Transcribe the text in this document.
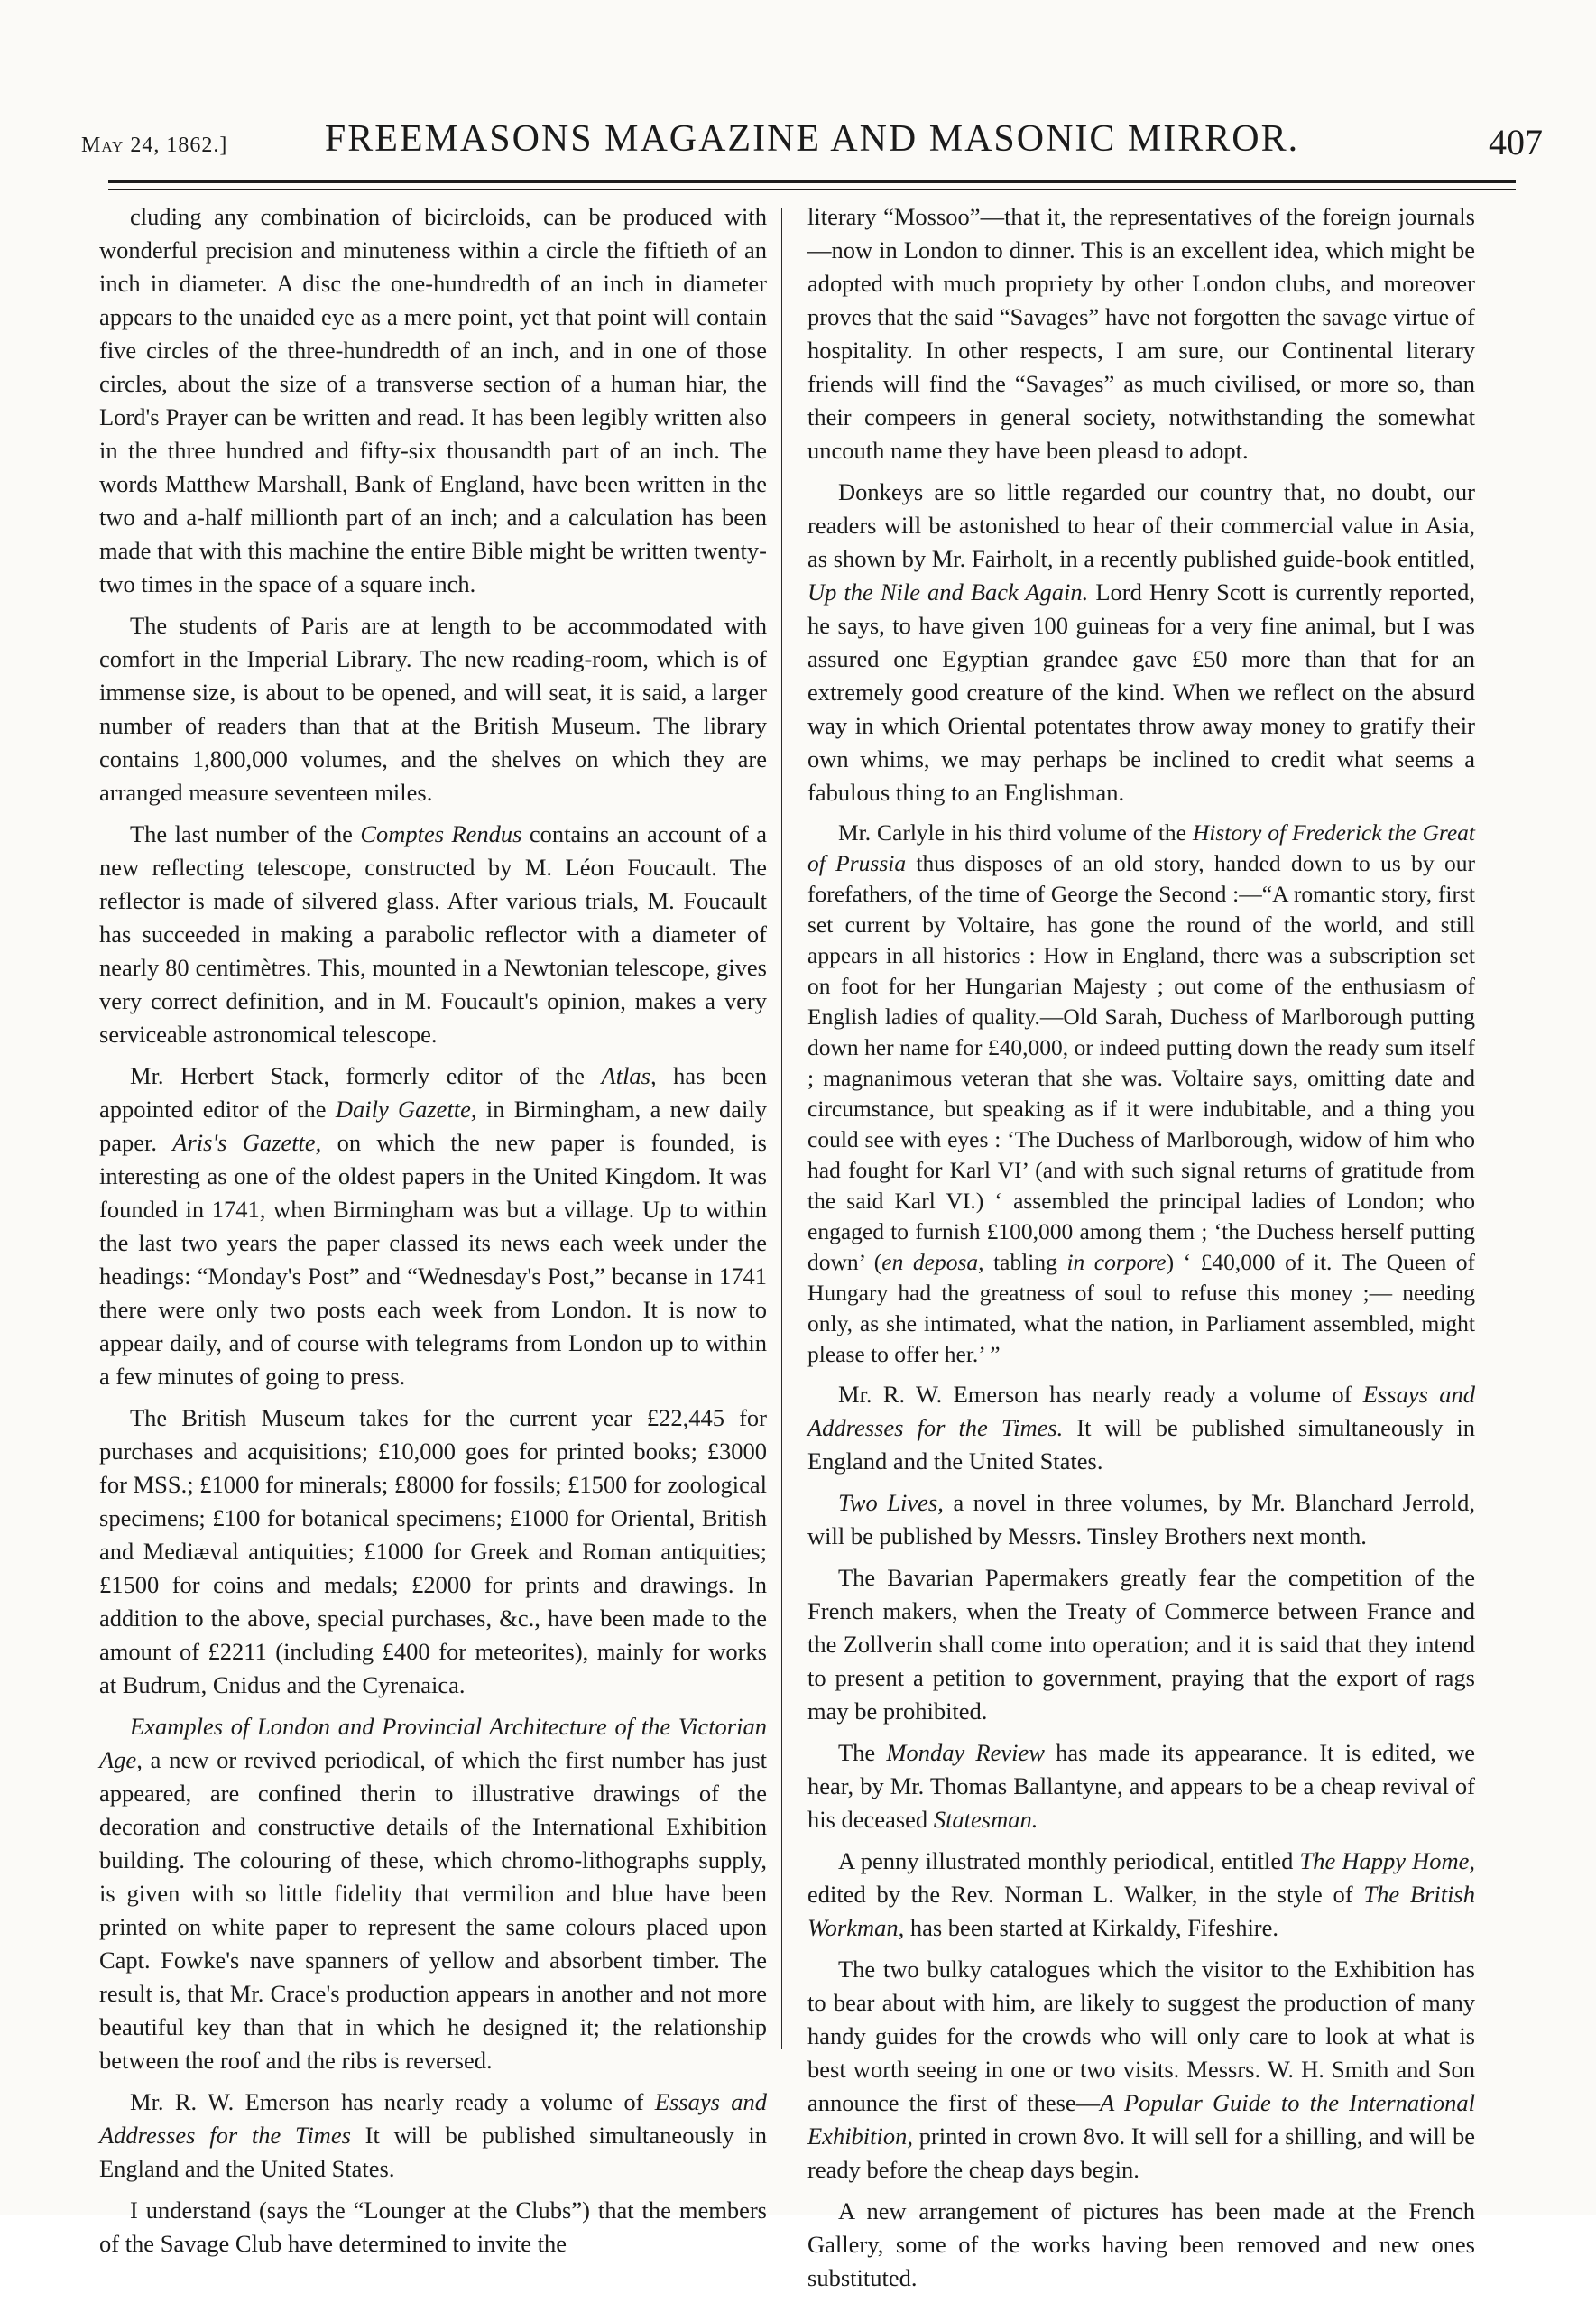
May 24, 1862.]	FREEMASONS MAGAZINE AND MASONIC MIRROR.	407

cluding any combination of bicircloids, can be produced with wonderful precision and minuteness within a circle the fiftieth of an inch in diameter. A disc the one-hundredth of an inch in diameter appears to the unaided eye as a mere point, yet that point will contain five circles of the three-hundredth of an inch, and in one of those circles, about the size of a transverse section of a human hiar, the Lord's Prayer can be written and read. It has been legibly written also in the three hundred and fifty-six thousandth part of an inch. The words Matthew Marshall, Bank of England, have been written in the two and a-half millionth part of an inch; and a calculation has been made that with this machine the entire Bible might be written twenty-two times in the space of a square inch.

The students of Paris are at length to be accommodated with comfort in the Imperial Library. The new reading-room, which is of immense size, is about to be opened, and will seat, it is said, a larger number of readers than that at the British Museum. The library contains 1,800,000 volumes, and the shelves on which they are arranged measure seventeen miles.

The last number of the Comptes Rendus contains an account of a new reflecting telescope, constructed by M. Léon Foucault. The reflector is made of silvered glass. After various trials, M. Foucault has succeeded in making a parabolic reflector with a diameter of nearly 80 centimètres. This, mounted in a Newtonian telescope, gives very correct definition, and in M. Foucault's opinion, makes a very serviceable astronomical telescope.

Mr. Herbert Stack, formerly editor of the Atlas, has been appointed editor of the Daily Gazette, in Birmingham, a new daily paper. Aris's Gazette, on which the new paper is founded, is interesting as one of the oldest papers in the United Kingdom. It was founded in 1741, when Birmingham was but a village. Up to within the last two years the paper classed its news each week under the headings: “Monday's Post” and “Wednesday's Post,” becanse in 1741 there were only two posts each week from London. It is now to appear daily, and of course with telegrams from London up to within a few minutes of going to press.

The British Museum takes for the current year £22,445 for purchases and acquisitions; £10,000 goes for printed books; £3000 for MSS.; £1000 for minerals; £8000 for fossils; £1500 for zoological specimens; £100 for botanical specimens; £1000 for Oriental, British and Mediæval antiquities; £1000 for Greek and Roman antiquities; £1500 for coins and medals; £2000 for prints and drawings. In addition to the above, special purchases, &c., have been made to the amount of £2211 (including £400 for meteorites), mainly for works at Budrum, Cnidus and the Cyrenaica.

Examples of London and Provincial Architecture of the Victorian Age, a new or revived periodical, of which the first number has just appeared, are confined therin to illustrative drawings of the decoration and constructive details of the International Exhibition building. The colouring of these, which chromo-lithographs supply, is given with so little fidelity that vermilion and blue have been printed on white paper to represent the same colours placed upon Capt. Fowke's nave spanners of yellow and absorbent timber. The result is, that Mr. Crace's production appears in another and not more beautiful key than that in which he designed it; the relationship between the roof and the ribs is reversed.

Mr. R. W. Emerson has nearly ready a volume of Essays and Addresses for the Times It will be published simultaneously in England and the United States.

I understand (says the “Lounger at the Clubs”) that the members of the Savage Club have determined to invite the

literary “Mossoo”—that it, the representatives of the foreign journals—now in London to dinner. This is an excellent idea, which might be adopted with much propriety by other London clubs, and moreover proves that the said “Savages” have not forgotten the savage virtue of hospitality. In other respects, I am sure, our Continental literary friends will find the “Savages” as much civilised, or more so, than their compeers in general society, notwithstanding the somewhat uncouth name they have been pleasd to adopt.

Donkeys are so little regarded our country that, no doubt, our readers will be astonished to hear of their commercial value in Asia, as shown by Mr. Fairholt, in a recently published guide-book entitled, Up the Nile and Back Again. Lord Henry Scott is currently reported, he says, to have given 100 guineas for a very fine animal, but I was assured one Egyptian grandee gave £50 more than that for an extremely good creature of the kind. When we reflect on the absurd way in which Oriental potentates throw away money to gratify their own whims, we may perhaps be inclined to credit what seems a fabulous thing to an Englishman.

Mr. Carlyle in his third volume of the History of Frederick the Great of Prussia thus disposes of an old story, handed down to us by our forefathers, of the time of George the Second :—“A romantic story, first set current by Voltaire, has gone the round of the world, and still appears in all histories : How in England, there was a subscription set on foot for her Hungarian Majesty ; out come of the enthusiasm of English ladies of quality.—Old Sarah, Duchess of Marlborough putting down her name for £40,000, or indeed putting down the ready sum itself ; magnanimous veteran that she was. Voltaire says, omitting date and circumstance, but speaking as if it were indubitable, and a thing you could see with eyes : ‘The Duchess of Marlborough, widow of him who had fought for Karl VI’ (and with such signal returns of gratitude from the said Karl VI.) ‘ assembled the principal ladies of London; who engaged to furnish £100,000 among them ; ‘the Duchess herself putting down’ (en deposa, tabling in corpore) ‘ £40,000 of it. The Queen of Hungary had the greatness of soul to refuse this money ;— needing only, as she intimated, what the nation, in Parliament assembled, might please to offer her.’ ”

Mr. R. W. Emerson has nearly ready a volume of Essays and Addresses for the Times. It will be published simultaneously in England and the United States.

Two Lives, a novel in three volumes, by Mr. Blanchard Jerrold, will be published by Messrs. Tinsley Brothers next month.

The Bavarian Papermakers greatly fear the competition of the French makers, when the Treaty of Commerce between France and the Zollverin shall come into operation; and it is said that they intend to present a petition to government, praying that the export of rags may be prohibited.

The Monday Review has made its appearance. It is edited, we hear, by Mr. Thomas Ballantyne, and appears to be a cheap revival of his deceased Statesman.

A penny illustrated monthly periodical, entitled The Happy Home, edited by the Rev. Norman L. Walker, in the style of The British Workman, has been started at Kirkaldy, Fifeshire.

The two bulky catalogues which the visitor to the Exhibition has to bear about with him, are likely to suggest the production of many handy guides for the crowds who will only care to look at what is best worth seeing in one or two visits. Messrs. W. H. Smith and Son announce the first of these—A Popular Guide to the International Exhibition, printed in crown 8vo. It will sell for a shilling, and will be ready before the cheap days begin.

A new arrangement of pictures has been made at the French Gallery, some of the works having been removed and new ones substituted.
